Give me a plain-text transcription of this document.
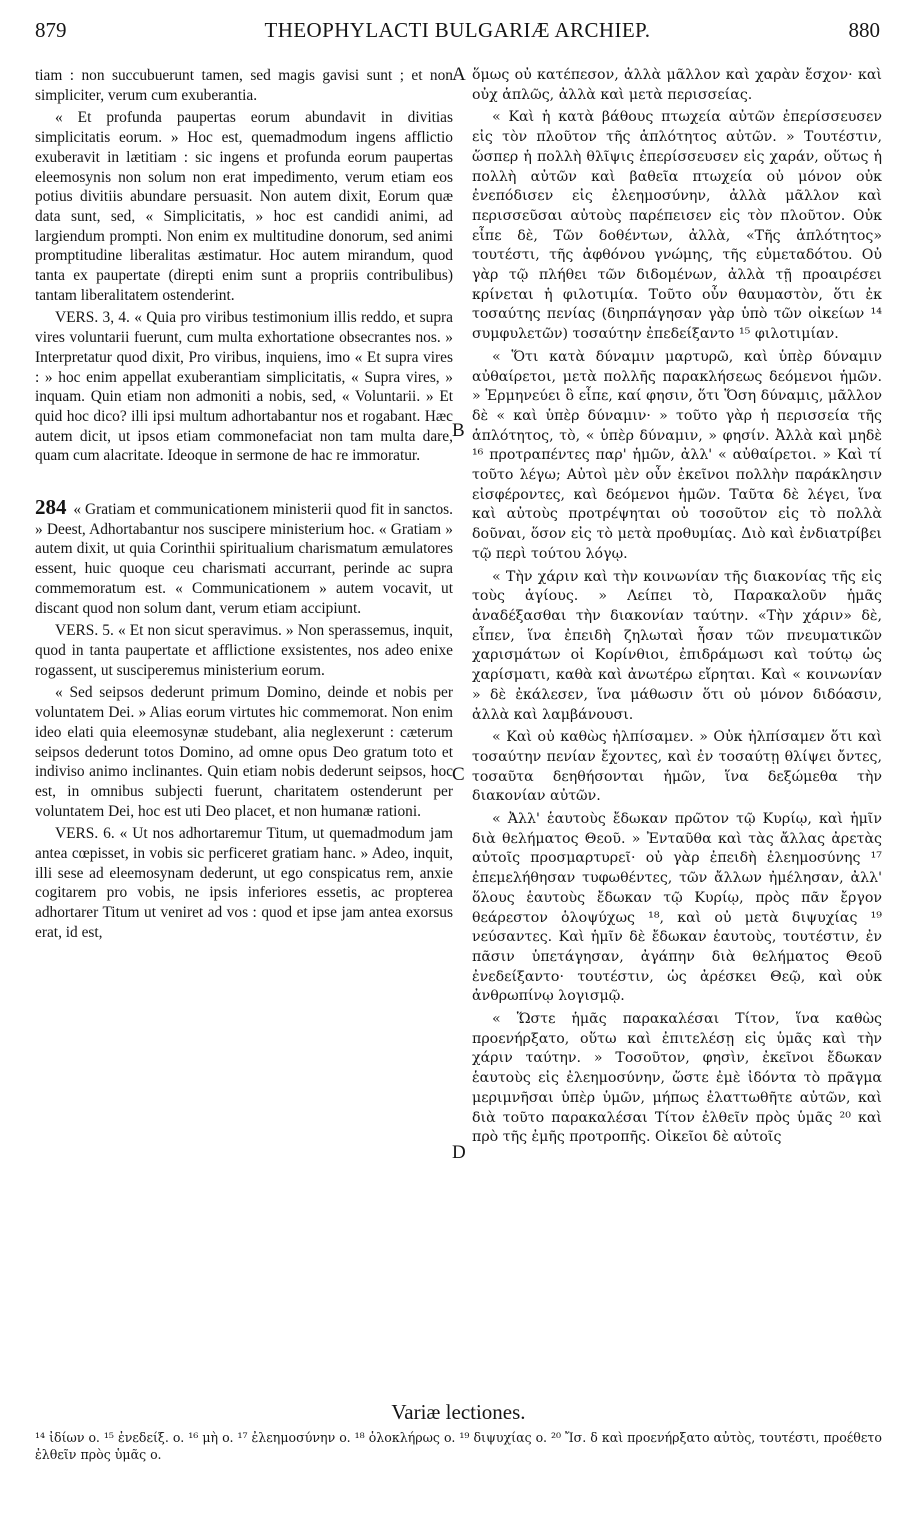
879	THEOPHYLACTI BULGARIÆ ARCHIEP.	880
A
B
C
D

tiam : non succubuerunt tamen, sed magis gavisi sunt ; et non simpliciter, verum cum exuberantia.

« Et profunda paupertas eorum abundavit in divitias simplicitatis eorum. » Hoc est, quemadmodum ingens afflictio exuberavit in lætitiam : sic ingens et profunda eorum paupertas eleemosynis non solum non erat impedimento, verum etiam eos potius divitiis abundare persuasit. Non autem dixit, Eorum quæ data sunt, sed, « Simplicitatis, » hoc est candidi animi, ad largiendum prompti. Non enim ex multitudine donorum, sed animi promptitudine liberalitas æstimatur. Hoc autem mirandum, quod tanta ex paupertate (direpti enim sunt a propriis contribulibus) tantam liberalitatem ostenderint.

VERS. 3, 4. « Quia pro viribus testimonium illis reddo, et supra vires voluntarii fuerunt, cum multa exhortatione obsecrantes nos. » Interpretatur quod dixit, Pro viribus, inquiens, imo « Et supra vires : » hoc enim appellat exuberantiam simplicitatis, « Supra vires, » inquam. Quin etiam non admoniti a nobis, sed, « Voluntarii. » Et quid hoc dico? illi ipsi multum adhortabantur nos et rogabant. Hæc autem dicit, ut ipsos etiam commonefaciat non tam multa dare, quam cum alacritate. Ideoque in sermone de hac re immoratur.

284 « Gratiam et communicationem ministerii quod fit in sanctos. » Deest, Adhortabantur nos suscipere ministerium hoc. « Gratiam » autem dixit, ut quia Corinthii spiritualium charismatum æmulatores essent, huic quoque ceu charismati accurrant, perinde ac supra commemoratum est. « Communicationem » autem vocavit, ut discant quod non solum dant, verum etiam accipiunt.

VERS. 5. « Et non sicut speravimus. » Non sperassemus, inquit, quod in tanta paupertate et afflictione exsistentes, nos adeo enixe rogassent, ut susciperemus ministerium eorum.

« Sed seipsos dederunt primum Domino, deinde et nobis per voluntatem Dei. » Alias eorum virtutes hic commemorat. Non enim ideo elati quia eleemosynæ studebant, alia neglexerunt : cæterum seipsos dederunt totos Domino, ad omne opus Deo gratum toto et indiviso animo inclinantes. Quin etiam nobis dederunt seipsos, hoc est, in omnibus subjecti fuerunt, charitatem ostenderunt per voluntatem Dei, hoc est uti Deo placet, et non humanæ rationi.

VERS. 6. « Ut nos adhortaremur Titum, ut quemadmodum jam antea cœpisset, in vobis sic perficeret gratiam hanc. » Adeo, inquit, illi sese ad eleemosynam dederunt, ut ego conspicatus rem, anxie cogitarem pro vobis, ne ipsis inferiores essetis, ac propterea adhortarer Titum ut veniret ad vos : quod et ipse jam antea exorsus erat, id est,

ὅμως οὐ κατέπεσον, ἀλλὰ μᾶλλον καὶ χαρὰν ἔσχον· καὶ οὐχ ἁπλῶς, ἀλλὰ καὶ μετὰ περισσείας.

« Καὶ ἡ κατὰ βάθους πτωχεία αὐτῶν ἐπερίσσευσεν εἰς τὸν πλοῦτον τῆς ἁπλότητος αὐτῶν. » Τουτέστιν, ὥσπερ ἡ πολλὴ θλῖψις ἐπερίσσευσεν εἰς χαράν, οὕτως ἡ πολλὴ αὐτῶν καὶ βαθεῖα πτωχεία οὐ μόνον οὐκ ἐνεπόδισεν εἰς ἐλεημοσύνην, ἀλλὰ μᾶλλον καὶ περισσεῦσαι αὐτοὺς παρέπεισεν εἰς τὸν πλοῦτον. Οὐκ εἶπε δὲ, Τῶν δοθέντων, ἀλλὰ, «Τῆς ἁπλότητος» τουτέστι, τῆς ἀφθόνου γνώμης, τῆς εὐμεταδότου. Οὐ γὰρ τῷ πλήθει τῶν διδομένων, ἀλλὰ τῇ προαιρέσει κρίνεται ἡ φιλοτιμία. Τοῦτο οὖν θαυμαστὸν, ὅτι ἐκ τοσαύτης πενίας (διηρπάγησαν γὰρ ὑπὸ τῶν οἰκείων ¹⁴ συμφυλετῶν) τοσαύτην ἐπεδείξαντο ¹⁵ φιλοτιμίαν.

« Ὅτι κατὰ δύναμιν μαρτυρῶ, καὶ ὑπὲρ δύναμιν αὐθαίρετοι, μετὰ πολλῆς παρακλήσεως δεόμενοι ἡμῶν. » Ἑρμηνεύει ὃ εἶπε, καί φησιν, ὅτι Ὅση δύναμις, μᾶλλον δὲ « καὶ ὑπὲρ δύναμιν· » τοῦτο γὰρ ἡ περισσεία τῆς ἁπλότητος, τὸ, « ὑπὲρ δύναμιν, » φησίν. Ἀλλὰ καὶ μηδὲ ¹⁶ προτραπέντες παρ' ἡμῶν, ἀλλ' « αὐθαίρετοι. » Καὶ τί τοῦτο λέγω; Αὐτοὶ μὲν οὖν ἐκεῖνοι πολλὴν παράκλησιν εἰσφέροντες, καὶ δεόμενοι ἡμῶν. Ταῦτα δὲ λέγει, ἵνα καὶ αὐτοὺς προτρέψηται οὐ τοσοῦτον εἰς τὸ πολλὰ δοῦναι, ὅσον εἰς τὸ μετὰ προθυμίας. Διὸ καὶ ἐνδιατρίβει τῷ περὶ τούτου λόγῳ.

« Τὴν χάριν καὶ τὴν κοινωνίαν τῆς διακονίας τῆς εἰς τοὺς ἁγίους. » Λείπει τὸ, Παρακαλοῦν ἡμᾶς ἀναδέξασθαι τὴν διακονίαν ταύτην. «Τὴν χάριν» δὲ, εἶπεν, ἵνα ἐπειδὴ ζηλωταὶ ἦσαν τῶν πνευματικῶν χαρισμάτων οἱ Κορίνθιοι, ἐπιδράμωσι καὶ τούτῳ ὡς χαρίσματι, καθὰ καὶ ἀνωτέρω εἴρηται. Καὶ « κοινωνίαν » δὲ ἐκάλεσεν, ἵνα μάθωσιν ὅτι οὐ μόνον διδόασιν, ἀλλὰ καὶ λαμβάνουσι.

« Καὶ οὐ καθὼς ἠλπίσαμεν. » Οὐκ ἠλπίσαμεν ὅτι καὶ τοσαύτην πενίαν ἔχοντες, καὶ ἐν τοσαύτῃ θλίψει ὄντες, τοσαῦτα δεηθήσονται ἡμῶν, ἵνα δεξώμεθα τὴν διακονίαν αὐτῶν.

« Ἀλλ' ἑαυτοὺς ἔδωκαν πρῶτον τῷ Κυρίῳ, καὶ ἡμῖν διὰ θελήματος Θεοῦ. » Ἐνταῦθα καὶ τὰς ἄλλας ἀρετὰς αὐτοῖς προσμαρτυρεῖ· οὐ γὰρ ἐπειδὴ ἐλεημοσύνης ¹⁷ ἐπεμελήθησαν τυφωθέντες, τῶν ἄλλων ἠμέλησαν, ἀλλ' ὅλους ἑαυτοὺς ἔδωκαν τῷ Κυρίῳ, πρὸς πᾶν ἔργον θεάρεστον ὁλοψύχως ¹⁸, καὶ οὐ μετὰ διψυχίας ¹⁹ νεύσαντες. Καὶ ἡμῖν δὲ ἔδωκαν ἑαυτοὺς, τουτέστιν, ἐν πᾶσιν ὑπετάγησαν, ἀγάπην διὰ θελήματος Θεοῦ ἐνεδείξαντο· τουτέστιν, ὡς ἀρέσκει Θεῷ, καὶ οὐκ ἀνθρωπίνῳ λογισμῷ.

« Ὥστε ἡμᾶς παρακαλέσαι Τίτον, ἵνα καθὼς προενήρξατο, οὕτω καὶ ἐπιτελέσῃ εἰς ὑμᾶς καὶ τὴν χάριν ταύτην. » Τοσοῦτον, φησὶν, ἐκεῖνοι ἔδωκαν ἑαυτοὺς εἰς ἐλεημοσύνην, ὥστε ἐμὲ ἰδόντα τὸ πρᾶγμα μεριμνῆσαι ὑπὲρ ὑμῶν, μήπως ἐλαττωθῆτε αὐτῶν, καὶ διὰ τοῦτο παρακαλέσαι Τίτον ἐλθεῖν πρὸς ὑμᾶς ²⁰ καὶ πρὸ τῆς ἐμῆς προτροπῆς. Οἰκεῖοι δὲ αὐτοῖς

Variæ lectiones.
¹⁴ ἰδίων o. ¹⁵ ἐνεδείξ. o. ¹⁶ μὴ o. ¹⁷ ἐλεημοσύνην o. ¹⁸ ὁλοκλήρως o. ¹⁹ διψυχίας o. ²⁰ Ἴσ. δ καὶ προενήρξατο αὐτὸς, τουτέστι, προέθετο ἐλθεῖν πρὸς ὑμᾶς o.
